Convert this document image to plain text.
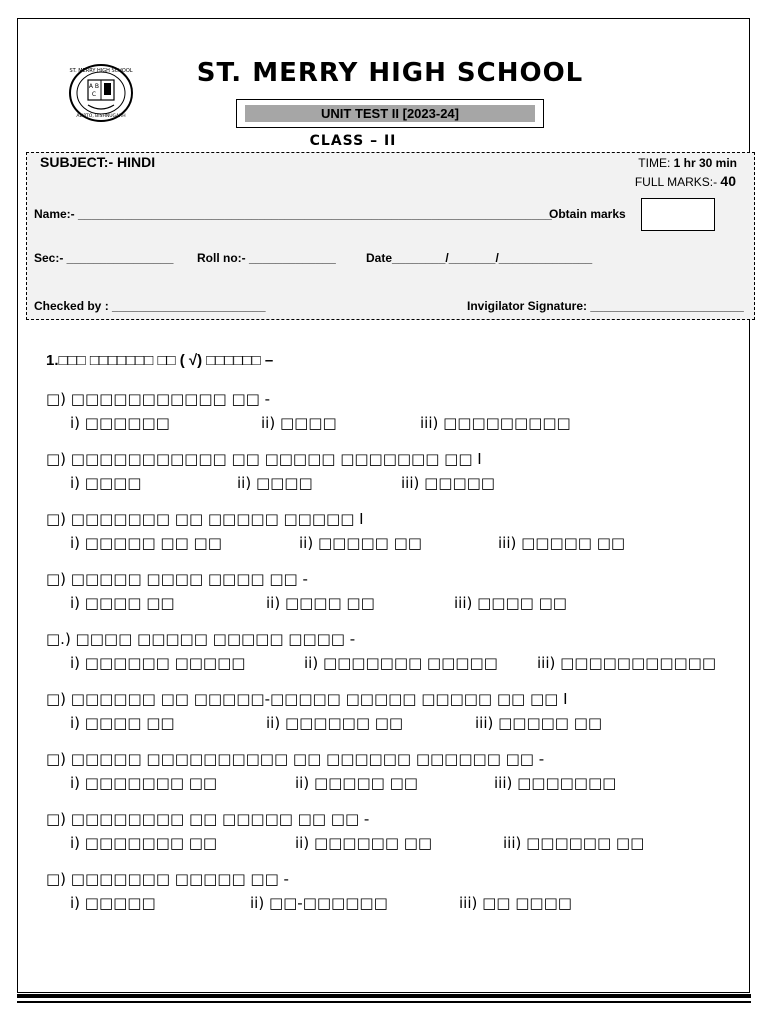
ST. MERRY HIGH SCHOOL
A B
C
ALIPTO, BISHNUGARH
ST. MERRY HIGH SCHOOL
UNIT TEST II [2023-24]
CLASS – II
SUBJECT:- HINDI	TIME: 1 hr 30 min
FULL MARKS:- 40
Name:- _______________________________________________________________________
Obtain marks
Sec:- ________________ Roll no:- _____________	Date________/_______/______________
Checked by : _______________________	Invigilator Signature: _______________________
1.□□□ □□□□□□□ □□ ( √) □□□□□□ –
□) □□□□□□□□□□□ □□ -
i) □□□□□□	ii) □□□□	iii) □□□□□□□□□
□) □□□□□□□□□□□ □□ □□□□□ □□□□□□□ □□ I
i) □□□□	ii) □□□□	iii) □□□□□
□) □□□□□□□ □□ □□□□□ □□□□□ I
i) □□□□□ □□ □□	ii) □□□□□ □□	iii) □□□□□ □□
□) □□□□□ □□□□ □□□□ □□ -
i) □□□□ □□	ii) □□□□ □□	iii) □□□□ □□
□.) □□□□ □□□□□ □□□□□ □□□□ -
i) □□□□□□ □□□□□	ii) □□□□□□□ □□□□□	iii) □□□□□□□□□□□
□) □□□□□□ □□ □□□□□-□□□□□ □□□□□ □□□□□ □□ □□ I
i) □□□□ □□	ii) □□□□□□ □□	iii) □□□□□ □□
□) □□□□□ □□□□□□□□□□ □□ □□□□□□ □□□□□□ □□ -
i) □□□□□□□ □□	ii) □□□□□ □□	iii) □□□□□□□
□) □□□□□□□□ □□ □□□□□ □□ □□ -
i) □□□□□□□ □□	ii) □□□□□□ □□	iii) □□□□□□ □□
□) □□□□□□□ □□□□□ □□ -
i) □□□□□	ii) □□-□□□□□□	iii) □□ □□□□
